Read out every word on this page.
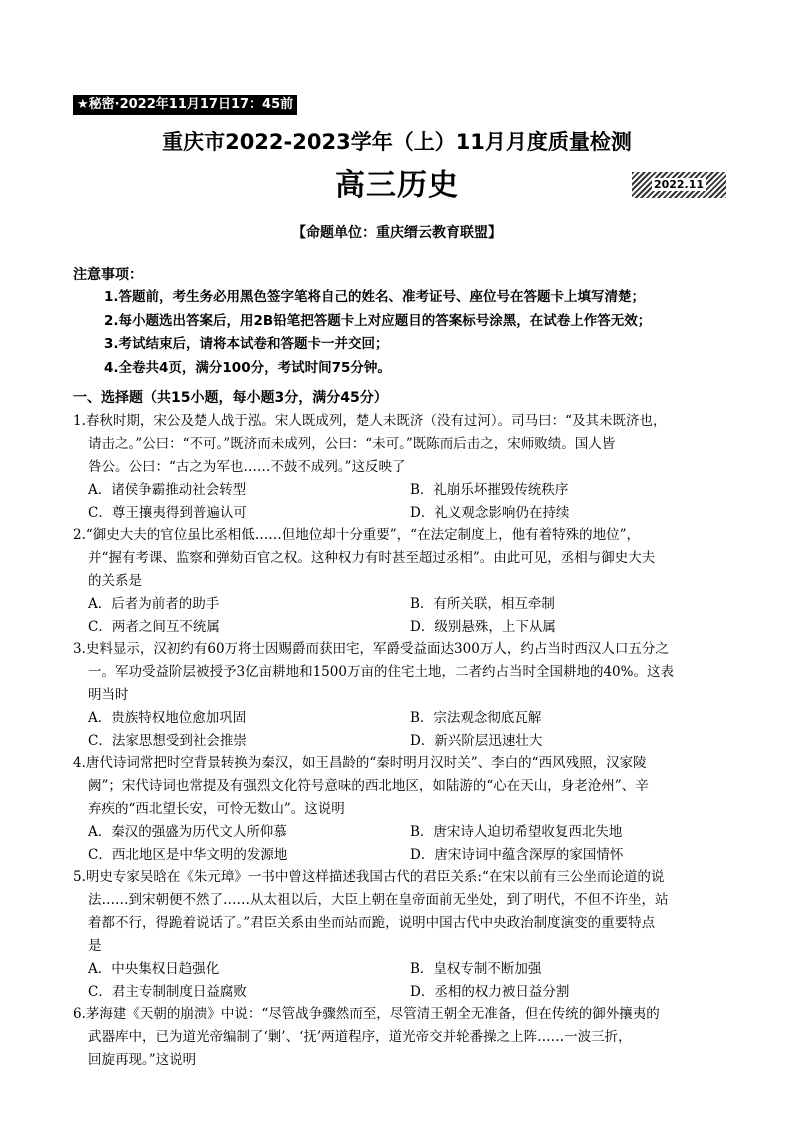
★秘密·2022年11月17日17：45前
重庆市2022-2023学年（上）11月月度质量检测
高三历史	2022.11
【命题单位：重庆缙云教育联盟】
注意事项：
1.答题前，考生务必用黑色签字笔将自己的姓名、准考证号、座位号在答题卡上填写清楚；
2.每小题选出答案后，用2B铅笔把答题卡上对应题目的答案标号涂黑，在试卷上作答无效；
3.考试结束后，请将本试卷和答题卡一并交回；
4.全卷共4页，满分100分，考试时间75分钟。
一、选择题（共15小题，每小题3分，满分45分）
1.春秋时期，宋公及楚人战于泓。宋人既成列，楚人未既济（没有过河）。司马曰：“及其未既济也，
请击之。”公曰：“不可。”既济而未成列，公曰：“未可。”既陈而后击之，宋师败绩。国人皆
咎公。公曰：“古之为军也……不鼓不成列。”这反映了
A．诸侯争霸推动社会转型	B．礼崩乐坏摧毁传统秩序
C．尊王攘夷得到普遍认可	D．礼义观念影响仍在持续
2.“御史大夫的官位虽比丞相低……但地位却十分重要”，“在法定制度上，他有着特殊的地位”，
并“握有考课、监察和弹劾百官之权。这种权力有时甚至超过丞相”。由此可见，丞相与御史大夫
的关系是
A．后者为前者的助手	B．有所关联，相互牵制
C．两者之间互不统属	D．级别悬殊，上下从属
3.史料显示，汉初约有60万将士因赐爵而获田宅，军爵受益面达300万人，约占当时西汉人口五分之
一。军功受益阶层被授予3亿亩耕地和1500万亩的住宅土地，二者约占当时全国耕地的40%。这表
明当时
A．贵族特权地位愈加巩固	B．宗法观念彻底瓦解
C．法家思想受到社会推崇	D．新兴阶层迅速壮大
4.唐代诗词常把时空背景转换为秦汉，如王昌龄的“秦时明月汉时关”、李白的“西风残照，汉家陵
阙”；宋代诗词也常提及有强烈文化符号意味的西北地区，如陆游的“心在天山，身老沧州”、辛
弃疾的“西北望长安，可怜无数山”。这说明
A．秦汉的强盛为历代文人所仰慕	B．唐宋诗人迫切希望收复西北失地
C．西北地区是中华文明的发源地	D．唐宋诗词中蕴含深厚的家国情怀
5.明史专家吴晗在《朱元璋》一书中曾这样描述我国古代的君臣关系:“在宋以前有三公坐而论道的说
法……到宋朝便不然了……从太祖以后，大臣上朝在皇帝面前无坐处，到了明代，不但不许坐，站
着都不行，得跪着说话了。”君臣关系由坐而站而跪，说明中国古代中央政治制度演变的重要特点
是
A．中央集权日趋强化	B．皇权专制不断加强
C．君主专制制度日益腐败	D．丞相的权力被日益分割
6.茅海建《天朝的崩溃》中说：“尽管战争骤然而至，尽管清王朝全无准备，但在传统的御外攘夷的
武器库中，已为道光帝编制了‘剿’、‘抚’两道程序，道光帝交并轮番操之上阵……一波三折，
回旋再现。”这说明
